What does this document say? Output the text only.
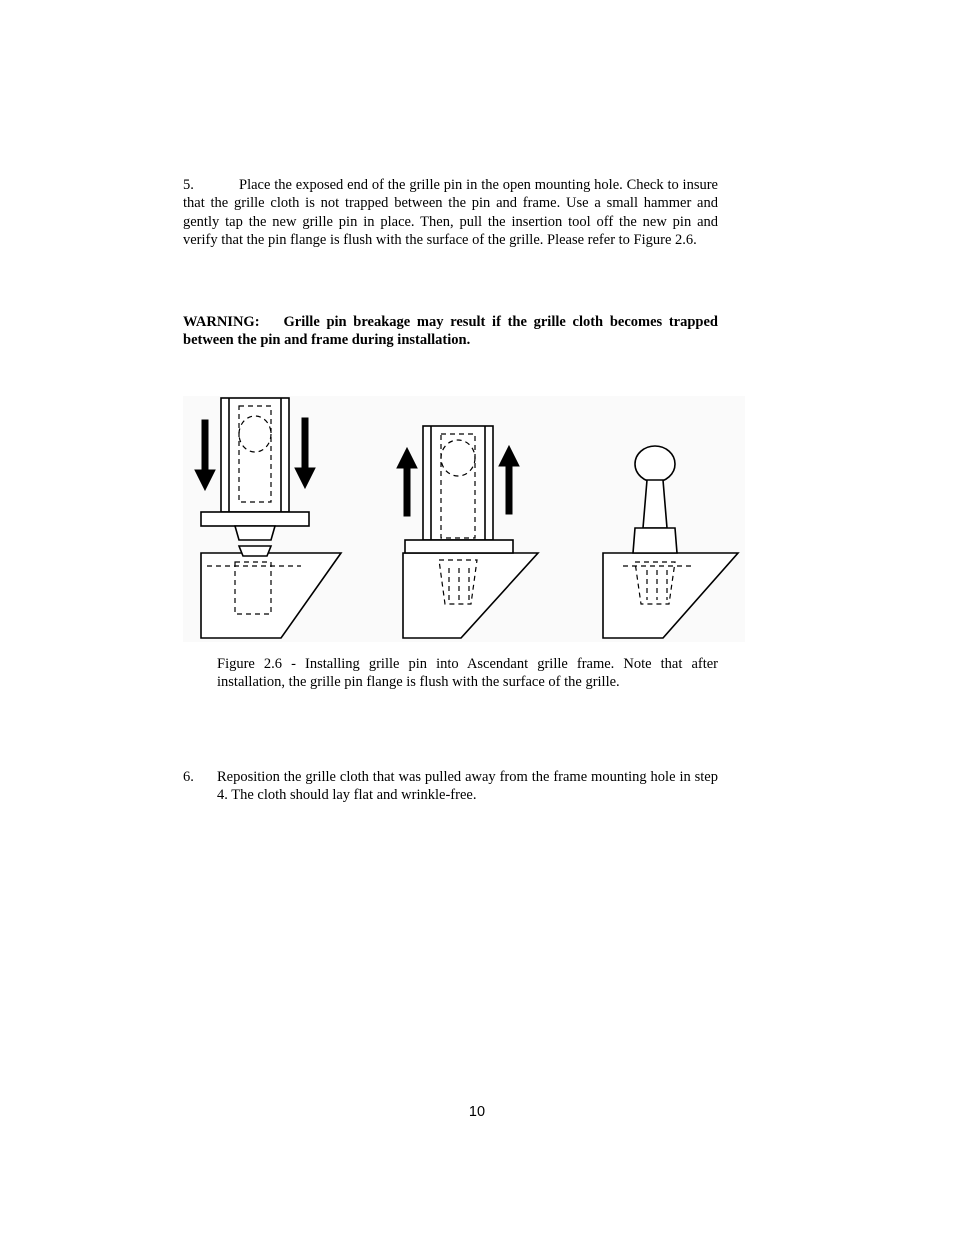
5.	Place the exposed end of the grille pin in the open mounting hole. Check to insure that the grille cloth is not trapped between the pin and frame. Use a small hammer and gently tap the new grille pin in place. Then, pull the insertion tool off the new pin and verify that the pin flange is flush with the surface of the grille. Please refer to Figure 2.6.
WARNING: Grille pin breakage may result if the grille cloth becomes trapped between the pin and frame during installation.
Figure 2.6 - Installing grille pin into Ascendant grille frame. Note that after installation, the grille pin flange is flush with the surface of the grille.
6. Reposition the grille cloth that was pulled away from the frame mounting hole in step      4. The cloth should lay flat and wrinkle-free.
10
